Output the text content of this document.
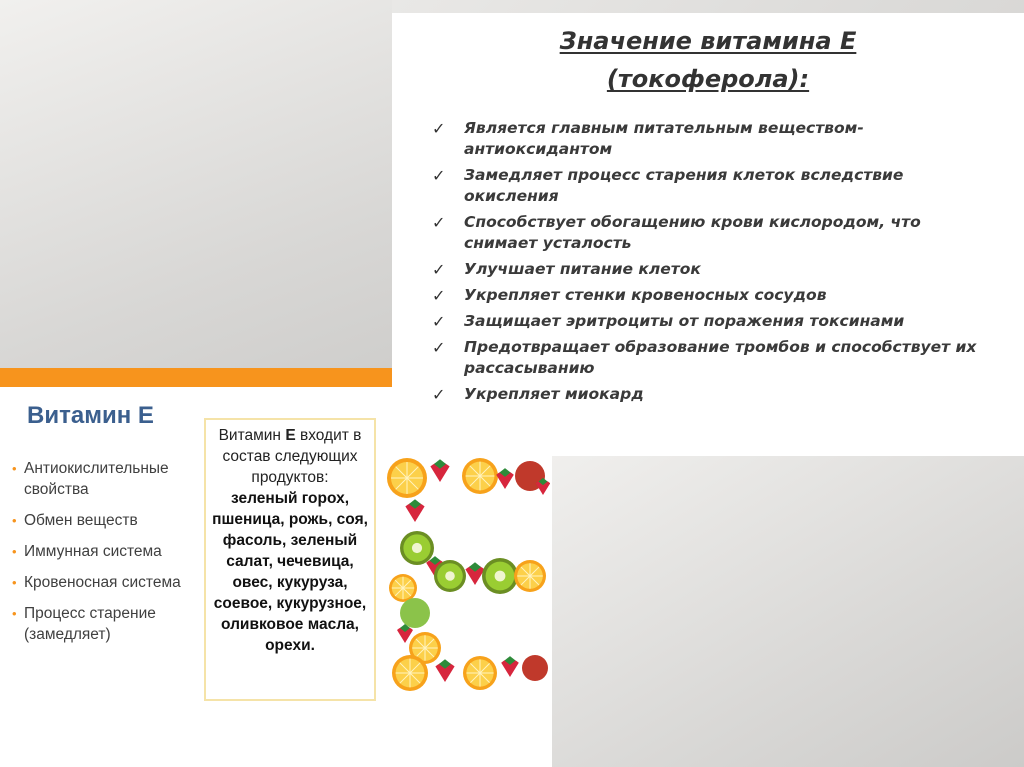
Значение витамина Е
(токоферола):
✓ Является главным питательным веществом-антиоксидантом
✓ Замедляет процесс старения клеток вследствие окисления
✓ Способствует обогащению крови кислородом, что снимает усталость
✓ Улучшает питание клеток
✓ Укрепляет стенки кровеносных сосудов
✓ Защищает эритроциты от поражения токсинами
✓ Предотвращает образование тромбов и способствует их рассасыванию
✓ Укрепляет миокард
Витамин Е
• Антиокислительные свойства
• Обмен веществ
• Иммунная система
• Кровеносная система
• Процесс старение (замедляет)
Витамин Е входит в состав следующих продуктов:
зеленый горох, пшеница, рожь, соя, фасоль, зеленый салат, чечевица, овес, кукуруза, соевое, кукурузное, оливковое масла, орехи.
